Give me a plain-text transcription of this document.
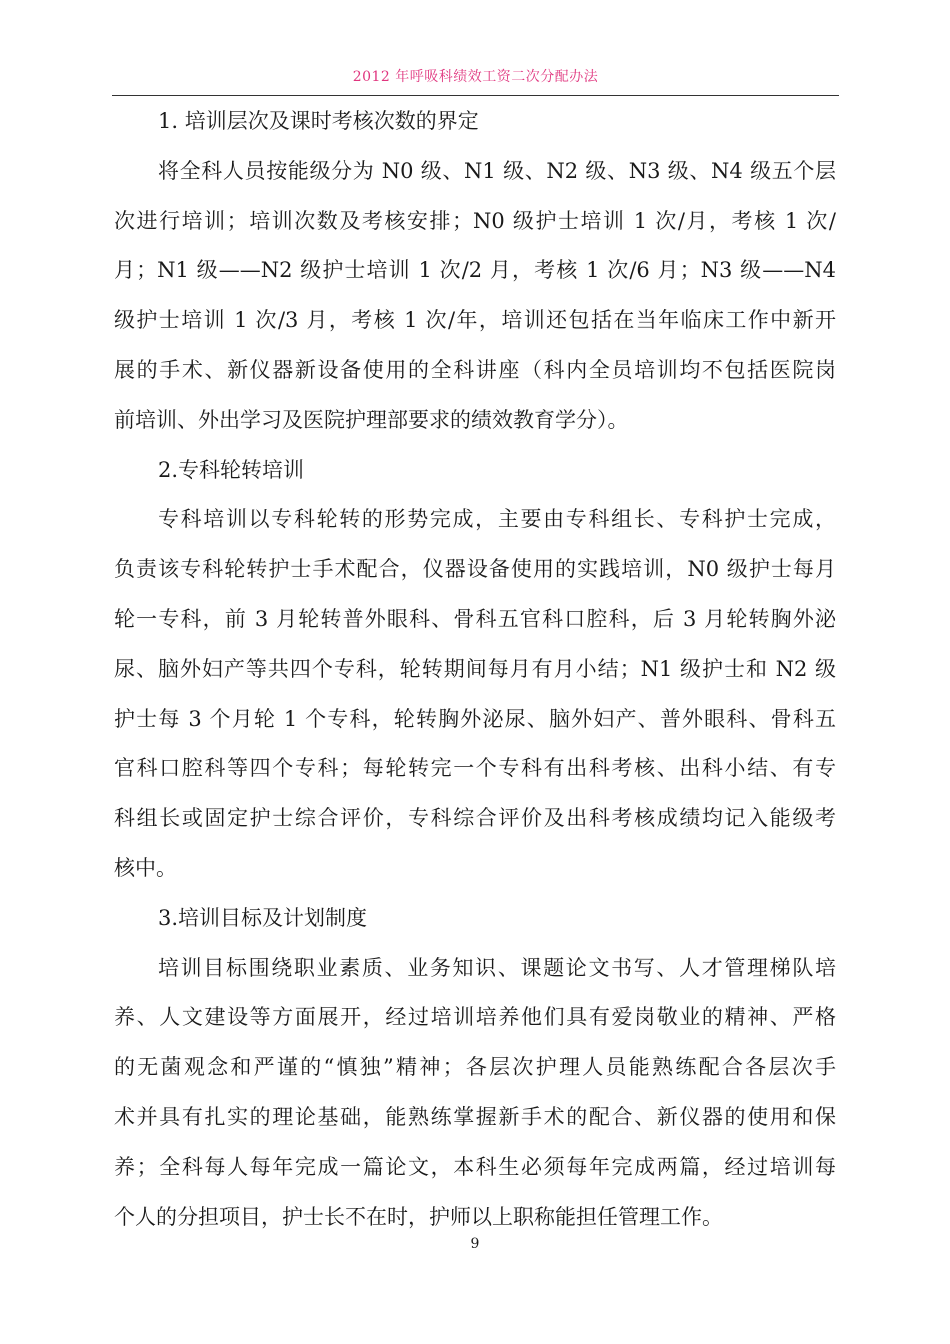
2012 年呼吸科绩效工资二次分配办法
1. 培训层次及课时考核次数的界定
将全科人员按能级分为 N0 级、N1 级、N2 级、N3 级、N4 级五个层
次进行培训；培训次数及考核安排；N0 级护士培训 1 次/月，考核 1 次/
月；N1 级——N2 级护士培训 1 次/2 月，考核 1 次/6 月；N3 级——N4
级护士培训 1 次/3 月，考核 1 次/年，培训还包括在当年临床工作中新开
展的手术、新仪器新设备使用的全科讲座（科内全员培训均不包括医院岗
前培训、外出学习及医院护理部要求的绩效教育学分）。
2.专科轮转培训
专科培训以专科轮转的形势完成，主要由专科组长、专科护士完成，
负责该专科轮转护士手术配合，仪器设备使用的实践培训，N0 级护士每月
轮一专科，前 3 月轮转普外眼科、骨科五官科口腔科，后 3 月轮转胸外泌
尿、脑外妇产等共四个专科，轮转期间每月有月小结；N1 级护士和 N2 级
护士每 3 个月轮 1 个专科，轮转胸外泌尿、脑外妇产、普外眼科、骨科五
官科口腔科等四个专科；每轮转完一个专科有出科考核、出科小结、有专
科组长或固定护士综合评价，专科综合评价及出科考核成绩均记入能级考
核中。
3.培训目标及计划制度
培训目标围绕职业素质、业务知识、课题论文书写、人才管理梯队培
养、人文建设等方面展开，经过培训培养他们具有爱岗敬业的精神、严格
的无菌观念和严谨的“慎独”精神；各层次护理人员能熟练配合各层次手
术并具有扎实的理论基础，能熟练掌握新手术的配合、新仪器的使用和保
养；全科每人每年完成一篇论文，本科生必须每年完成两篇，经过培训每
个人的分担项目，护士长不在时，护师以上职称能担任管理工作。
9
